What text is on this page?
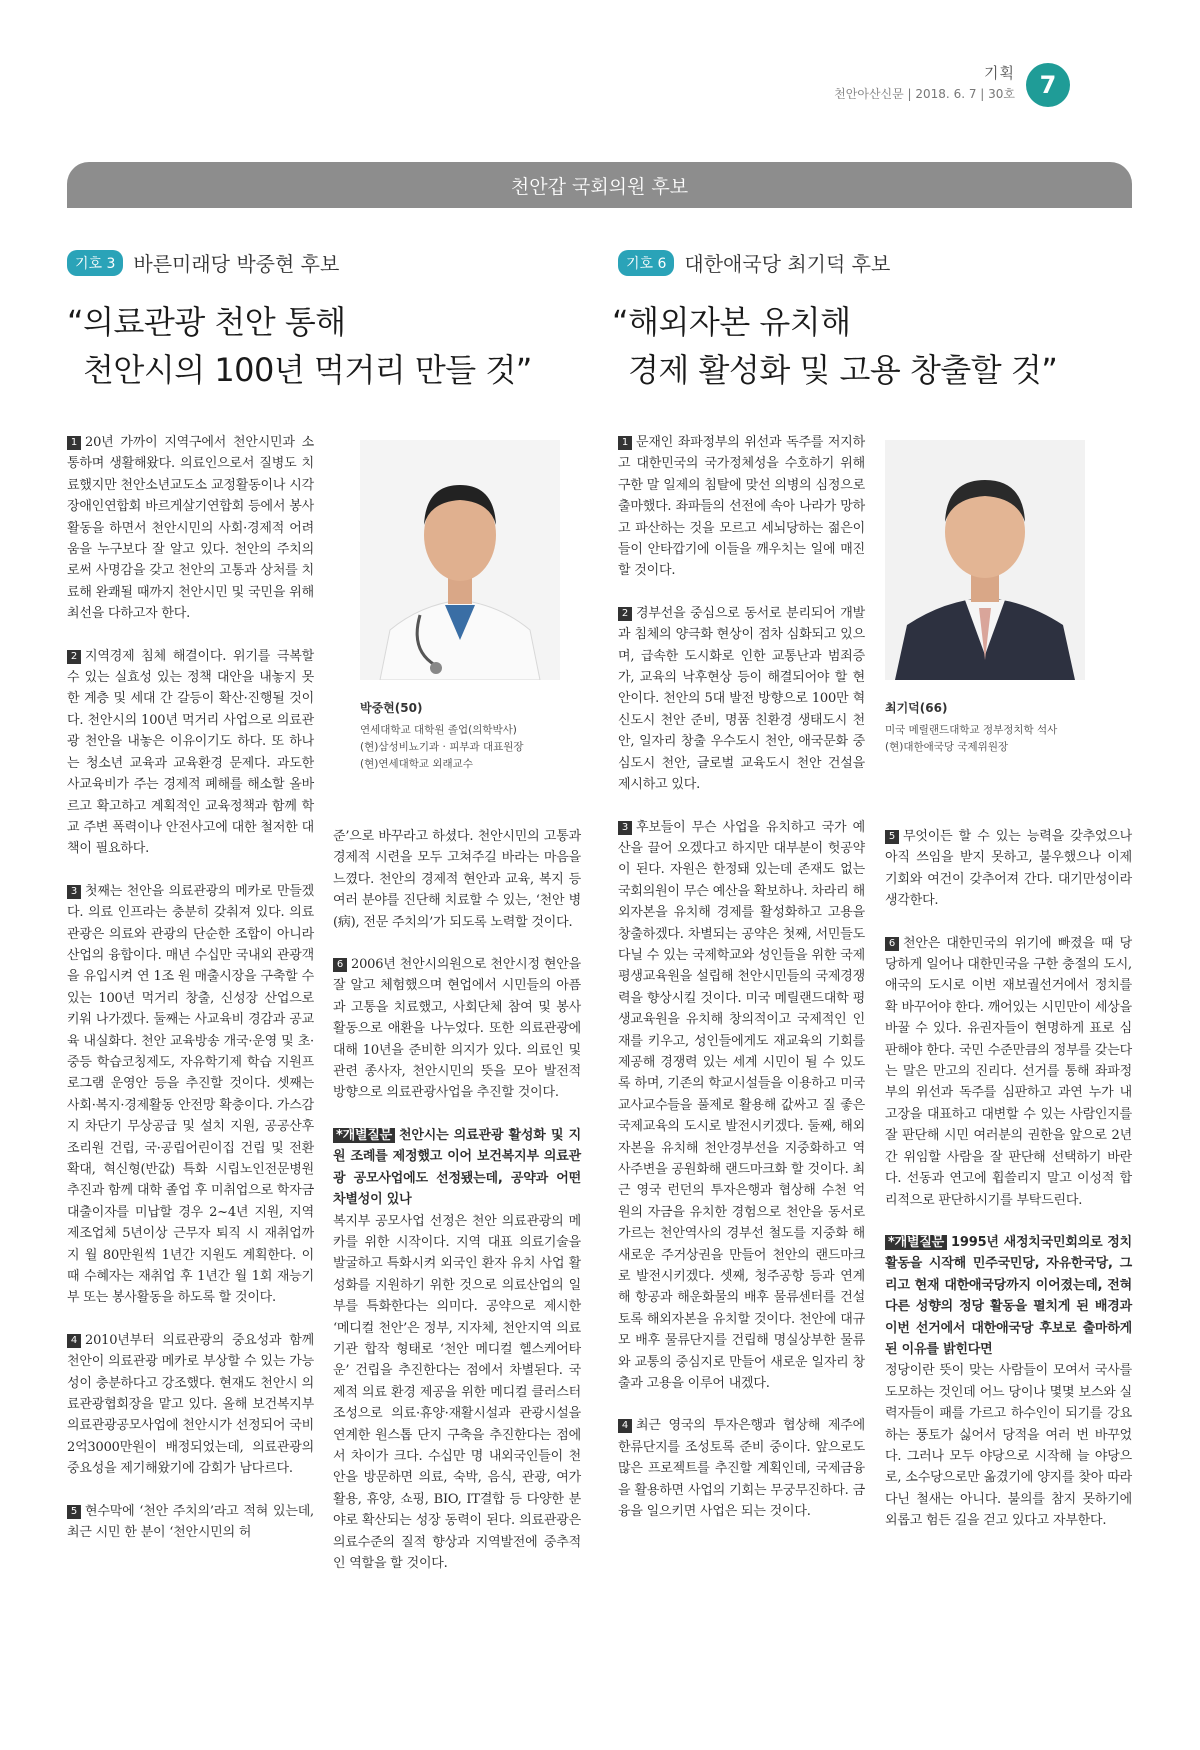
기획
천안아산신문 | 2018. 6. 7 | 30호	7
천안갑 국회의원 후보
기호 3 바른미래당 박중현 후보
“의료관광 천안 통해
천안시의 100년 먹거리 만들 것”

1 20년 가까이 지역구에서 천안시민과 소통하며 생활해왔다. 의료인으로서 질병도 치료했지만 천안소년교도소 교정활동이나 시각장애인연합회 바르게살기연합회 등에서 봉사활동을 하면서 천안시민의 사회·경제적 어려움을 누구보다 잘 알고 있다. 천안의 주치의로써 사명감을 갖고 천안의 고통과 상처를 치료해 완쾌될 때까지 천안시민 및 국민을 위해 최선을 다하고자 한다.

2 지역경제 침체 해결이다. 위기를 극복할 수 있는 실효성 있는 정책 대안을 내놓지 못한 계층 및 세대 간 갈등이 확산·진행될 것이다. 천안시의 100년 먹거리 사업으로 의료관광 천안을 내놓은 이유이기도 하다. 또 하나는 청소년 교육과 교육환경 문제다. 과도한 사교육비가 주는 경제적 폐해를 해소할 올바르고 확고하고 계획적인 교육정책과 함께 학교 주변 폭력이나 안전사고에 대한 철저한 대책이 필요하다.

3 첫째는 천안을 의료관광의 메카로 만들겠다. 의료 인프라는 충분히 갖춰져 있다. 의료관광은 의료와 관광의 단순한 조합이 아니라 산업의 융합이다. 매년 수십만 국내외 관광객을 유입시켜 연 1조 원 매출시장을 구축할 수 있는 100년 먹거리 창출, 신성장 산업으로 키워 나가겠다. 둘째는 사교육비 경감과 공교육 내실화다. 천안 교육방송 개국·운영 및 초·중등 학습코칭제도, 자유학기제 학습 지원프로그램 운영안 등을 추진할 것이다. 셋째는 사회·복지·경제활동 안전망 확충이다. 가스감지 차단기 무상공급 및 설치 지원, 공공산후조리원 건립, 국·공립어린이집 건립 및 전환 확대, 혁신형(반값) 특화 시립노인전문병원 추진과 함께 대학 졸업 후 미취업으로 학자금 대출이자를 미납할 경우 2~4년 지원, 지역제조업체 5년이상 근무자 퇴직 시 재취업까지 월 80만원씩 1년간 지원도 계획한다. 이때 수혜자는 재취업 후 1년간 월 1회 재능기부 또는 봉사활동을 하도록 할 것이다.

4 2010년부터 의료관광의 중요성과 함께 천안이 의료관광 메카로 부상할 수 있는 가능성이 충분하다고 강조했다. 현재도 천안시 의료관광협회장을 맡고 있다. 올해 보건복지부 의료관광공모사업에 천안시가 선정되어 국비 2억3000만원이 배정되었는데, 의료관광의 중요성을 제기해왔기에 감회가 남다르다.

5 현수막에 ‘천안 주치의’라고 적혀 있는데, 최근 시민 한 분이 ‘천안시민의 허

박중현(50)
연세대학교 대학원 졸업(의학박사)
(현)삼성비뇨기과 · 피부과 대표원장
(현)연세대학교 외래교수

준’으로 바꾸라고 하셨다. 천안시민의 고통과 경제적 시련을 모두 고쳐주길 바라는 마음을 느꼈다. 천안의 경제적 현안과 교육, 복지 등 여러 분야를 진단해 치료할 수 있는, ‘천안 병(病), 전문 주치의’가 되도록 노력할 것이다.

6 2006년 천안시의원으로 천안시정 현안을 잘 알고 체험했으며 현업에서 시민들의 아픔과 고통을 치료했고, 사회단체 참여 및 봉사활동으로 애환을 나누었다. 또한 의료관광에 대해 10년을 준비한 의지가 있다. 의료인 및 관련 종사자, 천안시민의 뜻을 모아 발전적 방향으로 의료관광사업을 추진할 것이다.

*개별질문 천안시는 의료관광 활성화 및 지원 조례를 제정했고 이어 보건복지부 의료관광 공모사업에도 선정됐는데, 공약과 어떤 차별성이 있나

복지부 공모사업 선정은 천안 의료관광의 메카를 위한 시작이다. 지역 대표 의료기술을 발굴하고 특화시켜 외국인 환자 유치 사업 활성화를 지원하기 위한 것으로 의료산업의 일부를 특화한다는 의미다. 공약으로 제시한 ‘메디컬 천안’은 정부, 지자체, 천안지역 의료기관 합작 형태로 ‘천안 메디컬 헬스케어타운’ 건립을 추진한다는 점에서 차별된다. 국제적 의료 환경 제공을 위한 메디컬 클러스터 조성으로 의료·휴양·재활시설과 관광시설을 연계한 원스톱 단지 구축을 추진한다는 점에서 차이가 크다. 수십만 명 내외국인들이 천안을 방문하면 의료, 숙박, 음식, 관광, 여가활용, 휴양, 쇼핑, BIO, IT결합 등 다양한 분야로 확산되는 성장 동력이 된다. 의료관광은 의료수준의 질적 향상과 지역발전에 중추적인 역할을 할 것이다.

기호 6 대한애국당 최기덕 후보
“해외자본 유치해
경제 활성화 및 고용 창출할 것”

1 문재인 좌파정부의 위선과 독주를 저지하고 대한민국의 국가정체성을 수호하기 위해 구한 말 일제의 침탈에 맞선 의병의 심정으로 출마했다. 좌파들의 선전에 속아 나라가 망하고 파산하는 것을 모르고 세뇌당하는 젊은이들이 안타깝기에 이들을 깨우치는 일에 매진할 것이다.

2 경부선을 중심으로 동서로 분리되어 개발과 침체의 양극화 현상이 점차 심화되고 있으며, 급속한 도시화로 인한 교통난과 범죄증가, 교육의 낙후현상 등이 해결되어야 할 현안이다. 천안의 5대 발전 방향으로 100만 혁신도시 천안 준비, 명품 친환경 생태도시 천안, 일자리 창출 우수도시 천안, 애국문화 중심도시 천안, 글로벌 교육도시 천안 건설을 제시하고 있다.

3 후보들이 무슨 사업을 유치하고 국가 예산을 끌어 오겠다고 하지만 대부분이 헛공약이 된다. 자원은 한정돼 있는데 존재도 없는 국회의원이 무슨 예산을 확보하나. 차라리 해외자본을 유치해 경제를 활성화하고 고용을 창출하겠다. 차별되는 공약은 첫째, 서민들도 다닐 수 있는 국제학교와 성인들을 위한 국제평생교육원을 설립해 천안시민들의 국제경쟁력을 향상시킬 것이다. 미국 메릴랜드대학 평생교육원을 유치해 창의적이고 국제적인 인재를 키우고, 성인들에게도 재교육의 기회를 제공해 경쟁력 있는 세계 시민이 될 수 있도록 하며, 기존의 학교시설들을 이용하고 미국교사교수들을 풀제로 활용해 값싸고 질 좋은 국제교육의 도시로 발전시키겠다. 둘째, 해외자본을 유치해 천안경부선을 지중화하고 역사주변을 공원화해 랜드마크화 할 것이다. 최근 영국 런던의 투자은행과 협상해 수천 억 원의 자금을 유치한 경험으로 천안을 동서로 가르는 천안역사의 경부선 철도를 지중화 해 새로운 주거상권을 만들어 천안의 랜드마크로 발전시키겠다. 셋째, 청주공항 등과 연계해 항공과 해운화물의 배후 물류센터를 건설토록 해외자본을 유치할 것이다. 천안에 대규모 배후 물류단지를 건립해 명실상부한 물류와 교통의 중심지로 만들어 새로운 일자리 창출과 고용을 이루어 내겠다.

4 최근 영국의 투자은행과 협상해 제주에 한류단지를 조성토록 준비 중이다. 앞으로도 많은 프로젝트를 추진할 계획인데, 국제금융을 활용하면 사업의 기회는 무궁무진하다. 금융을 일으키면 사업은 되는 것이다.

최기덕(66)
미국 메릴랜드대학교 정부정치학 석사
(현)대한애국당 국제위원장

5 무엇이든 할 수 있는 능력을 갖추었으나 아직 쓰임을 받지 못하고, 불우했으나 이제 기회와 여건이 갖추어져 간다. 대기만성이라 생각한다.

6 천안은 대한민국의 위기에 빠졌을 때 당당하게 일어나 대한민국을 구한 충절의 도시, 애국의 도시로 이번 재보궐선거에서 정치를 확 바꾸어야 한다. 깨어있는 시민만이 세상을 바꿀 수 있다. 유권자들이 현명하게 표로 심판해야 한다. 국민 수준만큼의 정부를 갖는다는 말은 만고의 진리다. 선거를 통해 좌파정부의 위선과 독주를 심판하고 과연 누가 내 고장을 대표하고 대변할 수 있는 사람인지를 잘 판단해 시민 여러분의 권한을 앞으로 2년간 위임할 사람을 잘 판단해 선택하기 바란다. 선동과 연고에 휩쓸리지 말고 이성적 합리적으로 판단하시기를 부탁드린다.

*개별질문 1995년 새정치국민회의로 정치활동을 시작해 민주국민당, 자유한국당, 그리고 현재 대한애국당까지 이어졌는데, 전혀 다른 성향의 정당 활동을 펼치게 된 배경과 이번 선거에서 대한애국당 후보로 출마하게 된 이유를 밝힌다면

정당이란 뜻이 맞는 사람들이 모여서 국사를 도모하는 것인데 어느 당이나 몇몇 보스와 실력자들이 패를 가르고 하수인이 되기를 강요하는 풍토가 싫어서 당적을 여러 번 바꾸었다. 그러나 모두 야당으로 시작해 늘 야당으로, 소수당으로만 옮겼기에 양지를 찾아 따라다닌 철새는 아니다. 불의를 참지 못하기에 외롭고 험든 길을 걷고 있다고 자부한다.
